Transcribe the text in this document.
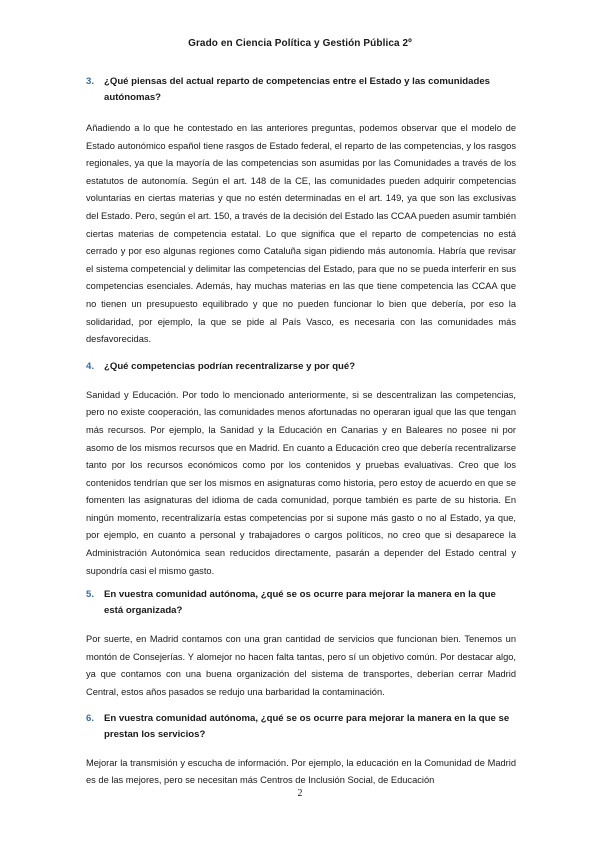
Grado en Ciencia Política y Gestión Pública 2º
3.	¿Qué piensas del actual reparto de competencias entre el Estado y las comunidades autónomas?

Añadiendo a lo que he contestado en las anteriores preguntas, podemos observar que el modelo de Estado autonómico español tiene rasgos de Estado federal, el reparto de las competencias, y los rasgos regionales, ya que la mayoría de las competencias son asumidas por las Comunidades a través de los estatutos de autonomía. Según el art. 148 de la CE, las comunidades pueden adquirir competencias voluntarias en ciertas materias y que no estén determinadas en el art. 149, ya que son las exclusivas del Estado. Pero, según el art. 150, a través de la decisión del Estado las CCAA pueden asumir también ciertas materias de competencia estatal. Lo que significa que el reparto de competencias no está cerrado y por eso algunas regiones como Cataluña sigan pidiendo más autonomía. Habría que revisar el sistema competencial y delimitar las competencias del Estado, para que no se pueda interferir en sus competencias esenciales. Además, hay muchas materias en las que tiene competencia las CCAA que no tienen un presupuesto equilibrado y que no pueden funcionar lo bien que debería, por eso la solidaridad, por ejemplo, la que se pide al País Vasco, es necesaria con las comunidades más desfavorecidas.

4.	¿Qué competencias podrían recentralizarse y por qué?

Sanidad y Educación. Por todo lo mencionado anteriormente, si se descentralizan las competencias, pero no existe cooperación, las comunidades menos afortunadas no operaran igual que las que tengan más recursos. Por ejemplo, la Sanidad y la Educación en Canarias y en Baleares no posee ni por asomo de los mismos recursos que en Madrid. En cuanto a Educación creo que debería recentralizarse tanto por los recursos económicos como por los contenidos y pruebas evaluativas. Creo que los contenidos tendrían que ser los mismos en asignaturas como historia, pero estoy de acuerdo en que se fomenten las asignaturas del idioma de cada comunidad, porque también es parte de su historia. En ningún momento, recentralizaría estas competencias por si supone más gasto o no al Estado, ya que, por ejemplo, en cuanto a personal y trabajadores o cargos políticos, no creo que si desaparece la Administración Autonómica sean reducidos directamente, pasarán a depender del Estado central y supondría casi el mismo gasto.

5.	En vuestra comunidad autónoma, ¿qué se os ocurre para mejorar la manera en la que está organizada?

Por suerte, en Madrid contamos con una gran cantidad de servicios que funcionan bien. Tenemos un montón de Consejerías. Y alomejor no hacen falta tantas, pero sí un objetivo común. Por destacar algo, ya que contamos con una buena organización del sistema de transportes, deberían cerrar Madrid Central, estos años pasados se redujo una barbaridad la contaminación.

6.	En vuestra comunidad autónoma, ¿qué se os ocurre para mejorar la manera en la que se prestan los servicios?

Mejorar la transmisión y escucha de información. Por ejemplo, la educación en la Comunidad de Madrid es de las mejores, pero se necesitan más Centros de Inclusión Social, de Educación

2
